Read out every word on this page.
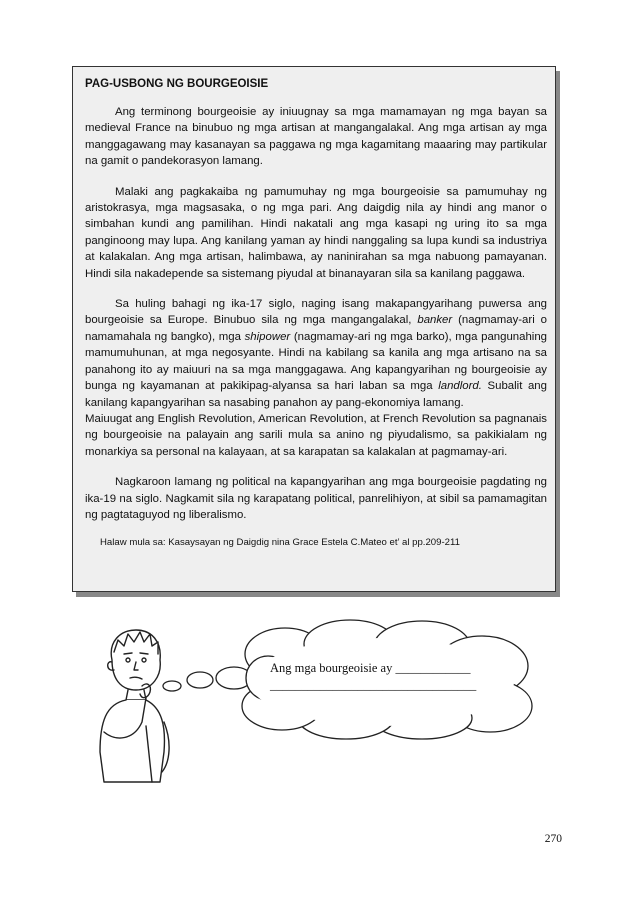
PAG-USBONG NG BOURGEOISIE

Ang terminong bourgeoisie ay iniuugnay sa mga mamamayan ng mga bayan sa medieval France na binubuo ng mga artisan at mangangalakal. Ang mga artisan ay mga manggagawang may kasanayan sa paggawa ng mga kagamitang maaaring may partikular na gamit o pandekorasyon lamang.

Malaki ang pagkakaiba ng pamumuhay ng mga bourgeoisie sa pamumuhay ng aristokrasya, mga magsasaka, o ng mga pari. Ang daigdig nila ay hindi ang manor o simbahan kundi ang pamilihan. Hindi nakatali ang mga kasapi ng uring ito sa mga panginoong may lupa. Ang kanilang yaman ay hindi nanggaling sa lupa kundi sa industriya at kalakalan. Ang mga artisan, halimbawa, ay naninirahan sa mga nabuong pamayanan. Hindi sila nakadepende sa sistemang piyudal at binanayaran sila sa kanilang paggawa.

Sa huling bahagi ng ika-17 siglo, naging isang makapangyarihang puwersa ang bourgeoisie sa Europe. Binubuo sila ng mga mangangalakal, banker (nagmamay-ari o namamahala ng bangko), mga shipower (nagmamay-ari ng mga barko), mga pangunahing mamumuhunan, at mga negosyante. Hindi na kabilang sa kanila ang mga artisano na sa panahong ito ay maiuuri na sa mga manggagawa. Ang kapangyarihan ng bourgeoisie ay bunga ng kayamanan at pakikipag-alyansa sa hari laban sa mga landlord. Subalit ang kanilang kapangyarihan sa nasabing panahon ay pang-ekonomiya lamang.

Maiuugat ang English Revolution, American Revolution, at French Revolution sa pagnanais ng bourgeoisie na palayain ang sarili mula sa anino ng piyudalismo, sa pakikialam ng monarkiya sa personal na kalayaan, at sa karapatan sa kalakalan at pagmamay-ari.

Nagkaroon lamang ng political na kapangyarihan ang mga bourgeoisie pagdating ng ika-19 na siglo. Nagkamit sila ng karapatang political, panrelihiyon, at sibil sa pamamagitan ng pagtataguyod ng liberalismo.

Halaw mula sa: Kasaysayan ng Daigdig nina Grace Estela C.Mateo et’ al pp.209-211

Ang mga bourgeoisie ay ____________
_________________________________
270
